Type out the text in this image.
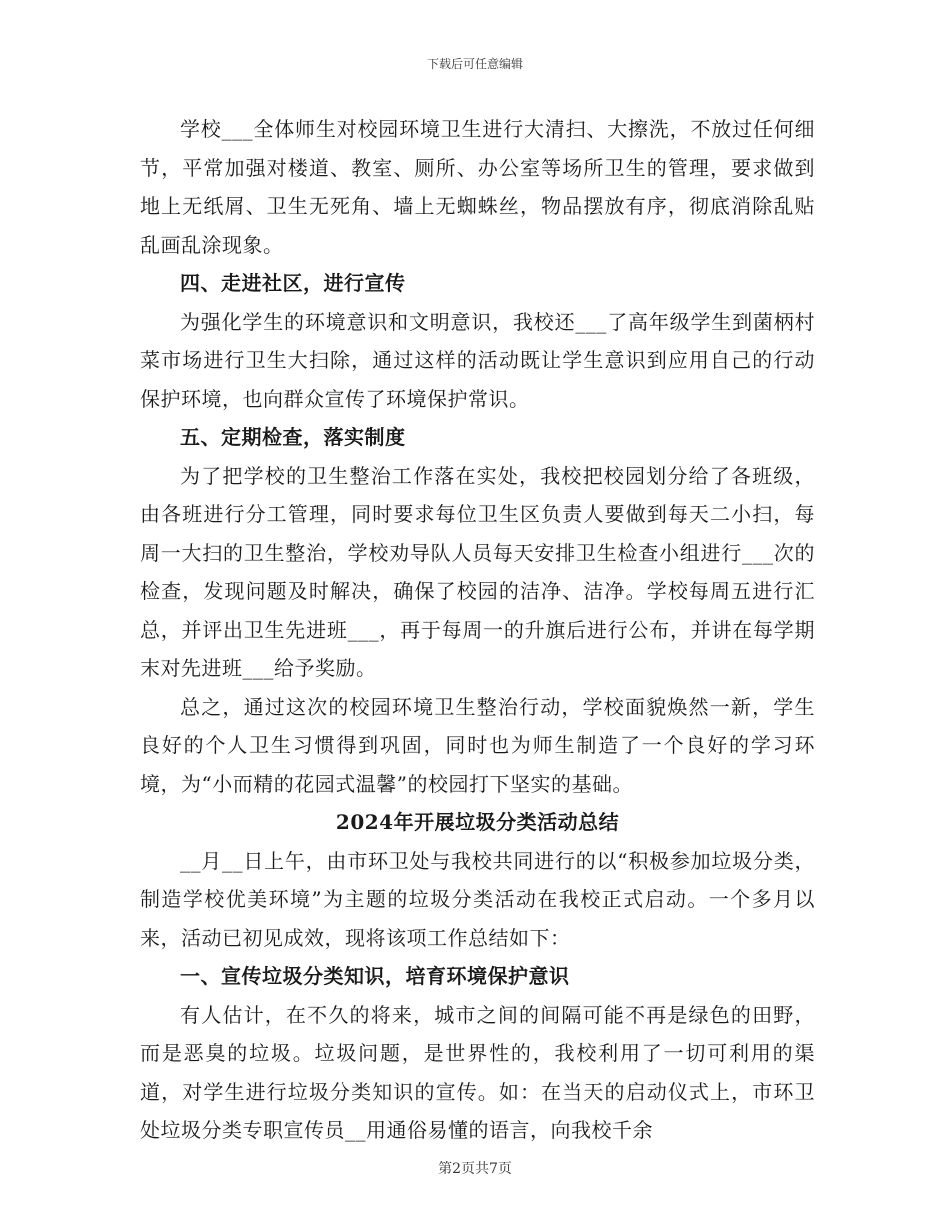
下载后可任意编辑

学校___全体师生对校园环境卫生进行大清扫、大擦洗，不放过任何细节，平常加强对楼道、教室、厕所、办公室等场所卫生的管理，要求做到地上无纸屑、卫生无死角、墙上无蜘蛛丝，物品摆放有序，彻底消除乱贴乱画乱涂现象。

四、走进社区，进行宣传

为强化学生的环境意识和文明意识，我校还___了高年级学生到菌柄村菜市场进行卫生大扫除，通过这样的活动既让学生意识到应用自己的行动保护环境，也向群众宣传了环境保护常识。

五、定期检查，落实制度

为了把学校的卫生整治工作落在实处，我校把校园划分给了各班级，由各班进行分工管理，同时要求每位卫生区负责人要做到每天二小扫，每周一大扫的卫生整治，学校劝导队人员每天安排卫生检查小组进行___次的检查，发现问题及时解决，确保了校园的洁净、洁净。学校每周五进行汇总，并评出卫生先进班___，再于每周一的升旗后进行公布，并讲在每学期末对先进班___给予奖励。

总之，通过这次的校园环境卫生整治行动，学校面貌焕然一新，学生良好的个人卫生习惯得到巩固，同时也为师生制造了一个良好的学习环境，为“小而精的花园式温馨”的校园打下坚实的基础。

2024年开展垃圾分类活动总结

__月__日上午，由市环卫处与我校共同进行的以“积极参加垃圾分类，制造学校优美环境”为主题的垃圾分类活动在我校正式启动。一个多月以来，活动已初见成效，现将该项工作总结如下：

一、宣传垃圾分类知识，培育环境保护意识

有人估计，在不久的将来，城市之间的间隔可能不再是绿色的田野，而是恶臭的垃圾。垃圾问题，是世界性的，我校利用了一切可利用的渠道，对学生进行垃圾分类知识的宣传。如：在当天的启动仪式上，市环卫处垃圾分类专职宣传员__用通俗易懂的语言，向我校千余

第2页共7页
